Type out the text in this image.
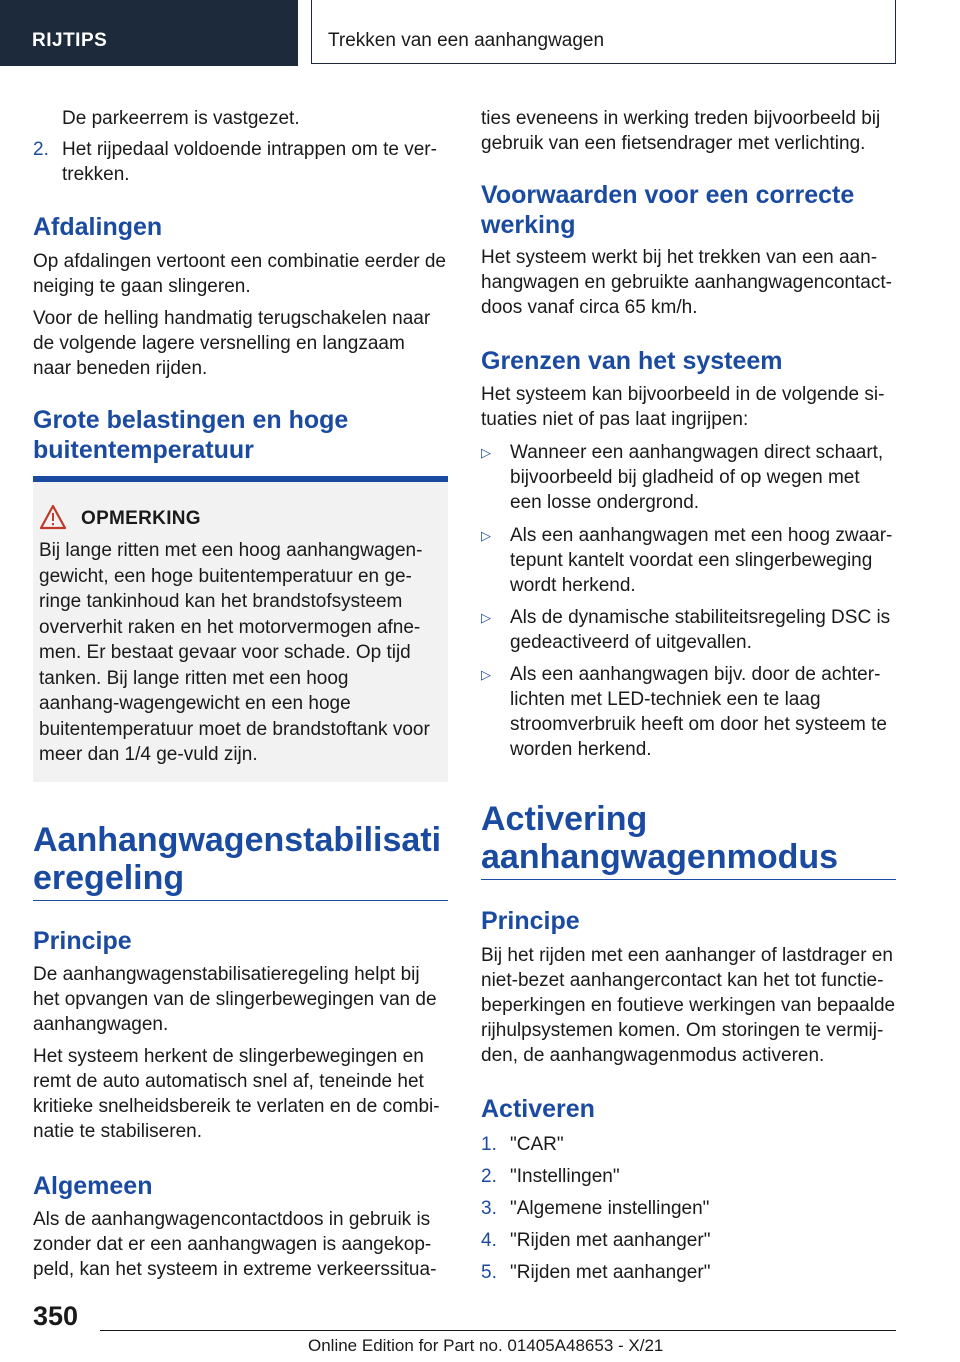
RIJTIPS	Trekken van een aanhangwagen

De parkeerrem is vastgezet.

2. Het rijpedaal voldoende intrappen om te ver-trekken.
Afdalingen

Op afdalingen vertoont een combinatie eerder de neiging te gaan slingeren.

Voor de helling handmatig terugschakelen naar de volgende lagere versnelling en langzaam naar beneden rijden.

Grote belastingen en hoge buitentemperatuur
OPMERKING

Bij lange ritten met een hoog aanhangwagen-gewicht, een hoge buitentemperatuur en ge-ringe tankinhoud kan het brandstofsysteem oververhit raken en het motorvermogen afne-men. Er bestaat gevaar voor schade. Op tijd tanken. Bij lange ritten met een hoog aanhang-wagengewicht en een hoge buitentemperatuur moet de brandstoftank voor meer dan 1/4 ge-vuld zijn.

Aanhangwagenstabilisatieregeling
Principe

De aanhangwagenstabilisatieregeling helpt bij het opvangen van de slingerbewegingen van de aanhangwagen.

Het systeem herkent de slingerbewegingen en remt de auto automatisch snel af, teneinde het kritieke snelheidsbereik te verlaten en de combi-natie te stabiliseren.

Algemeen

Als de aanhangwagencontactdoos in gebruik is zonder dat er een aanhangwagen is aangekop-peld, kan het systeem in extreme verkeerssitua-

ties eveneens in werking treden bijvoorbeeld bij gebruik van een fietsendrager met verlichting.

Voorwaarden voor een correcte werking

Het systeem werkt bij het trekken van een aan-hangwagen en gebruikte aanhangwagencontact-doos vanaf circa 65 km/h.

Grenzen van het systeem

Het systeem kan bijvoorbeeld in de volgende si-tuaties niet of pas laat ingrijpen:

▷ Wanneer een aanhangwagen direct schaart, bijvoorbeeld bij gladheid of op wegen met een losse ondergrond.
▷ Als een aanhangwagen met een hoog zwaar-tepunt kantelt voordat een slingerbeweging wordt herkend.
▷ Als de dynamische stabiliteitsregeling DSC is gedeactiveerd of uitgevallen.
▷ Als een aanhangwagen bijv. door de achter-lichten met LED-techniek een te laag stroomverbruik heeft om door het systeem te worden herkend.
Activering aanhangwagenmodus
Principe

Bij het rijden met een aanhanger of lastdrager en niet-bezet aanhangercontact kan het tot functie-beperkingen en foutieve werkingen van bepaalde rijhulpsystemen komen. Om storingen te vermij-den, de aanhangwagenmodus activeren.

Activeren
1. "CAR"
2. "Instellingen"
3. "Algemene instellingen"
4. "Rijden met aanhanger"
5. "Rijden met aanhanger"
350
Online Edition for Part no. 01405A48653 - X/21
